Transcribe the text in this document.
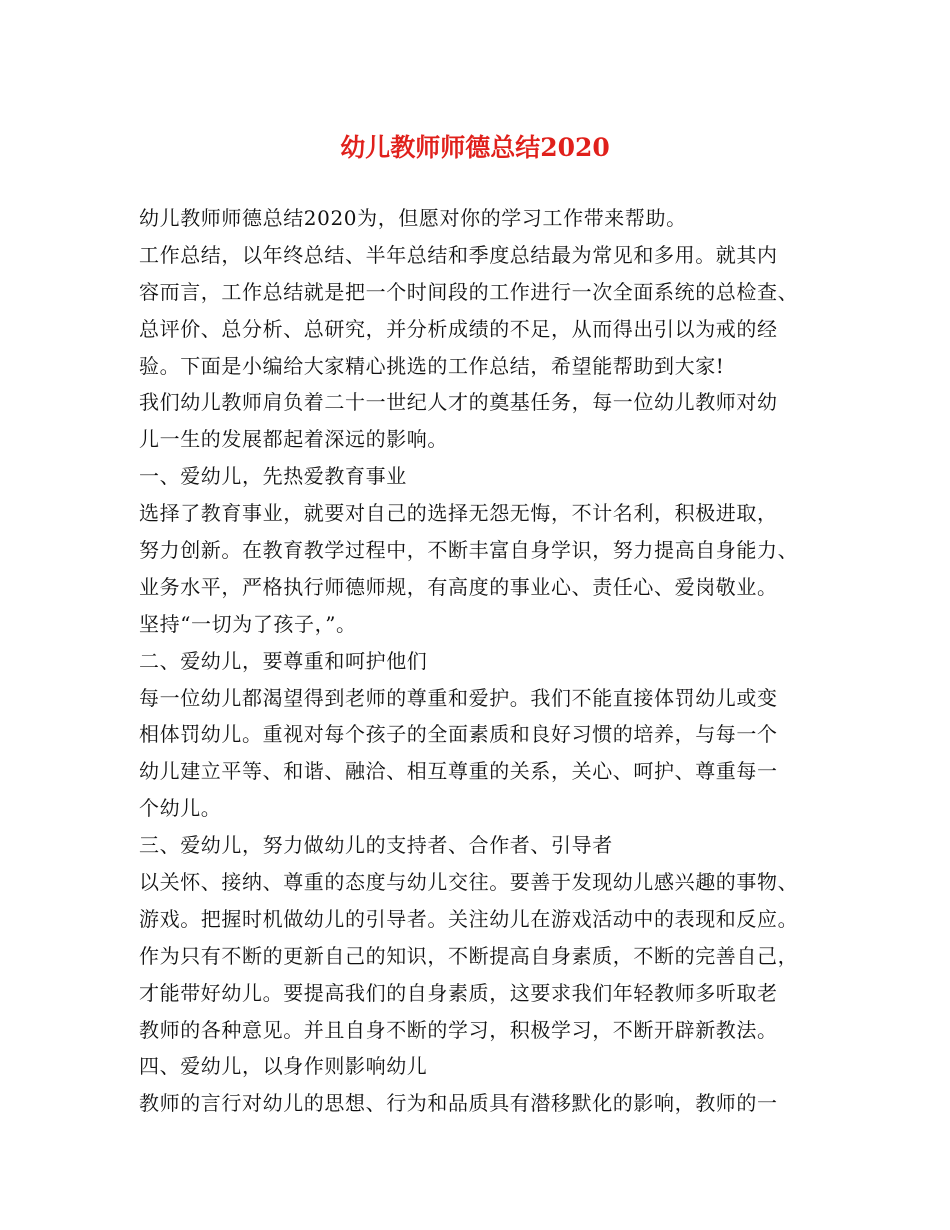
幼儿教师师德总结2020
幼儿教师师德总结2020为，但愿对你的学习工作带来帮助。
工作总结，以年终总结、半年总结和季度总结最为常见和多用。就其内
容而言，工作总结就是把一个时间段的工作进行一次全面系统的总检查、
总评价、总分析、总研究，并分析成绩的不足，从而得出引以为戒的经
验。下面是小编给大家精心挑选的工作总结，希望能帮助到大家!
我们幼儿教师肩负着二十一世纪人才的奠基任务，每一位幼儿教师对幼
儿一生的发展都起着深远的影响。
一、爱幼儿，先热爱教育事业
选择了教育事业，就要对自己的选择无怨无悔，不计名利，积极进取，
努力创新。在教育教学过程中，不断丰富自身学识，努力提高自身能力、
业务水平，严格执行师德师规，有高度的事业心、责任心、爱岗敬业。
坚持“一切为了孩子，”。
二、爱幼儿，要尊重和呵护他们
每一位幼儿都渴望得到老师的尊重和爱护。我们不能直接体罚幼儿或变
相体罚幼儿。重视对每个孩子的全面素质和良好习惯的培养，与每一个
幼儿建立平等、和谐、融洽、相互尊重的关系，关心、呵护、尊重每一
个幼儿。
三、爱幼儿，努力做幼儿的支持者、合作者、引导者
以关怀、接纳、尊重的态度与幼儿交往。要善于发现幼儿感兴趣的事物、
游戏。把握时机做幼儿的引导者。关注幼儿在游戏活动中的表现和反应。
作为只有不断的更新自己的知识，不断提高自身素质，不断的完善自己，
才能带好幼儿。要提高我们的自身素质，这要求我们年轻教师多听取老
教师的各种意见。并且自身不断的学习，积极学习，不断开辟新教法。
四、爱幼儿，以身作则影响幼儿
教师的言行对幼儿的思想、行为和品质具有潜移默化的影响，教师的一
